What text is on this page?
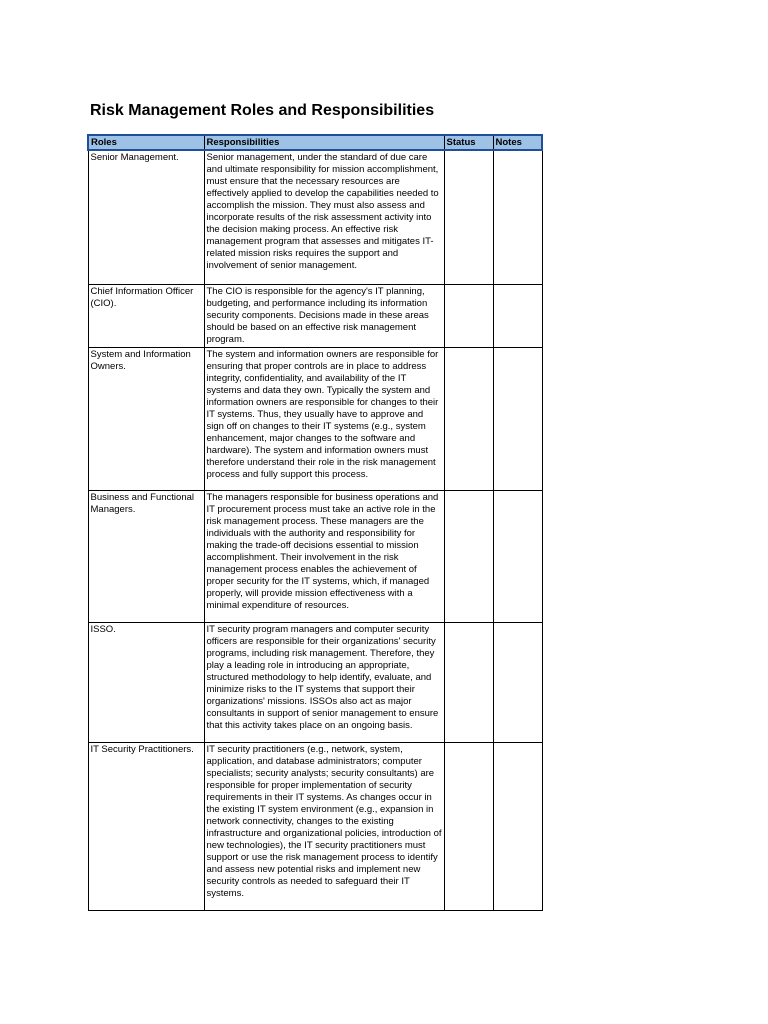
Risk Management Roles and Responsibilities
Roles	Responsibilities	Status	Notes

Senior Management.	Senior management, under the standard of due care and ultimate responsibility for mission accomplishment, must ensure that the necessary resources are effectively applied to develop the capabilities needed to accomplish the mission. They must also assess and incorporate results of the risk assessment activity into the decision making process. An effective risk management program that assesses and mitigates IT-related mission risks requires the support and involvement of senior management.		

Chief Information Officer (CIO).	The CIO is responsible for the agency's IT planning, budgeting, and performance including its information security components. Decisions made in these areas should be based on an effective risk management program.		

System and Information Owners.	The system and information owners are responsible for ensuring that proper controls are in place to address integrity, confidentiality, and availability of the IT systems and data they own. Typically the system and information owners are responsible for changes to their IT systems. Thus, they usually have to approve and sign off on changes to their IT systems (e.g., system enhancement, major changes to the software and hardware). The system and information owners must therefore understand their role in the risk management process and fully support this process.		

Business and Functional Managers.	The managers responsible for business operations and IT procurement process must take an active role in the risk management process. These managers are the individuals with the authority and responsibility for making the trade-off decisions essential to mission accomplishment. Their involvement in the risk management process enables the achievement of proper security for the IT systems, which, if managed properly, will provide mission effectiveness with a minimal expenditure of resources.		

ISSO.	IT security program managers and computer security officers are responsible for their organizations' security programs, including risk management. Therefore, they play a leading role in introducing an appropriate, structured methodology to help identify, evaluate, and minimize risks to the IT systems that support their organizations' missions. ISSOs also act as major consultants in support of senior management to ensure that this activity takes place on an ongoing basis.		

IT Security Practitioners.	IT security practitioners (e.g., network, system, application, and database administrators; computer specialists; security analysts; security consultants) are responsible for proper implementation of security requirements in their IT systems. As changes occur in the existing IT system environment (e.g., expansion in network connectivity, changes to the existing infrastructure and organizational policies, introduction of new technologies), the IT security practitioners must support or use the risk management process to identify and assess new potential risks and implement new security controls as needed to safeguard their IT systems.		
